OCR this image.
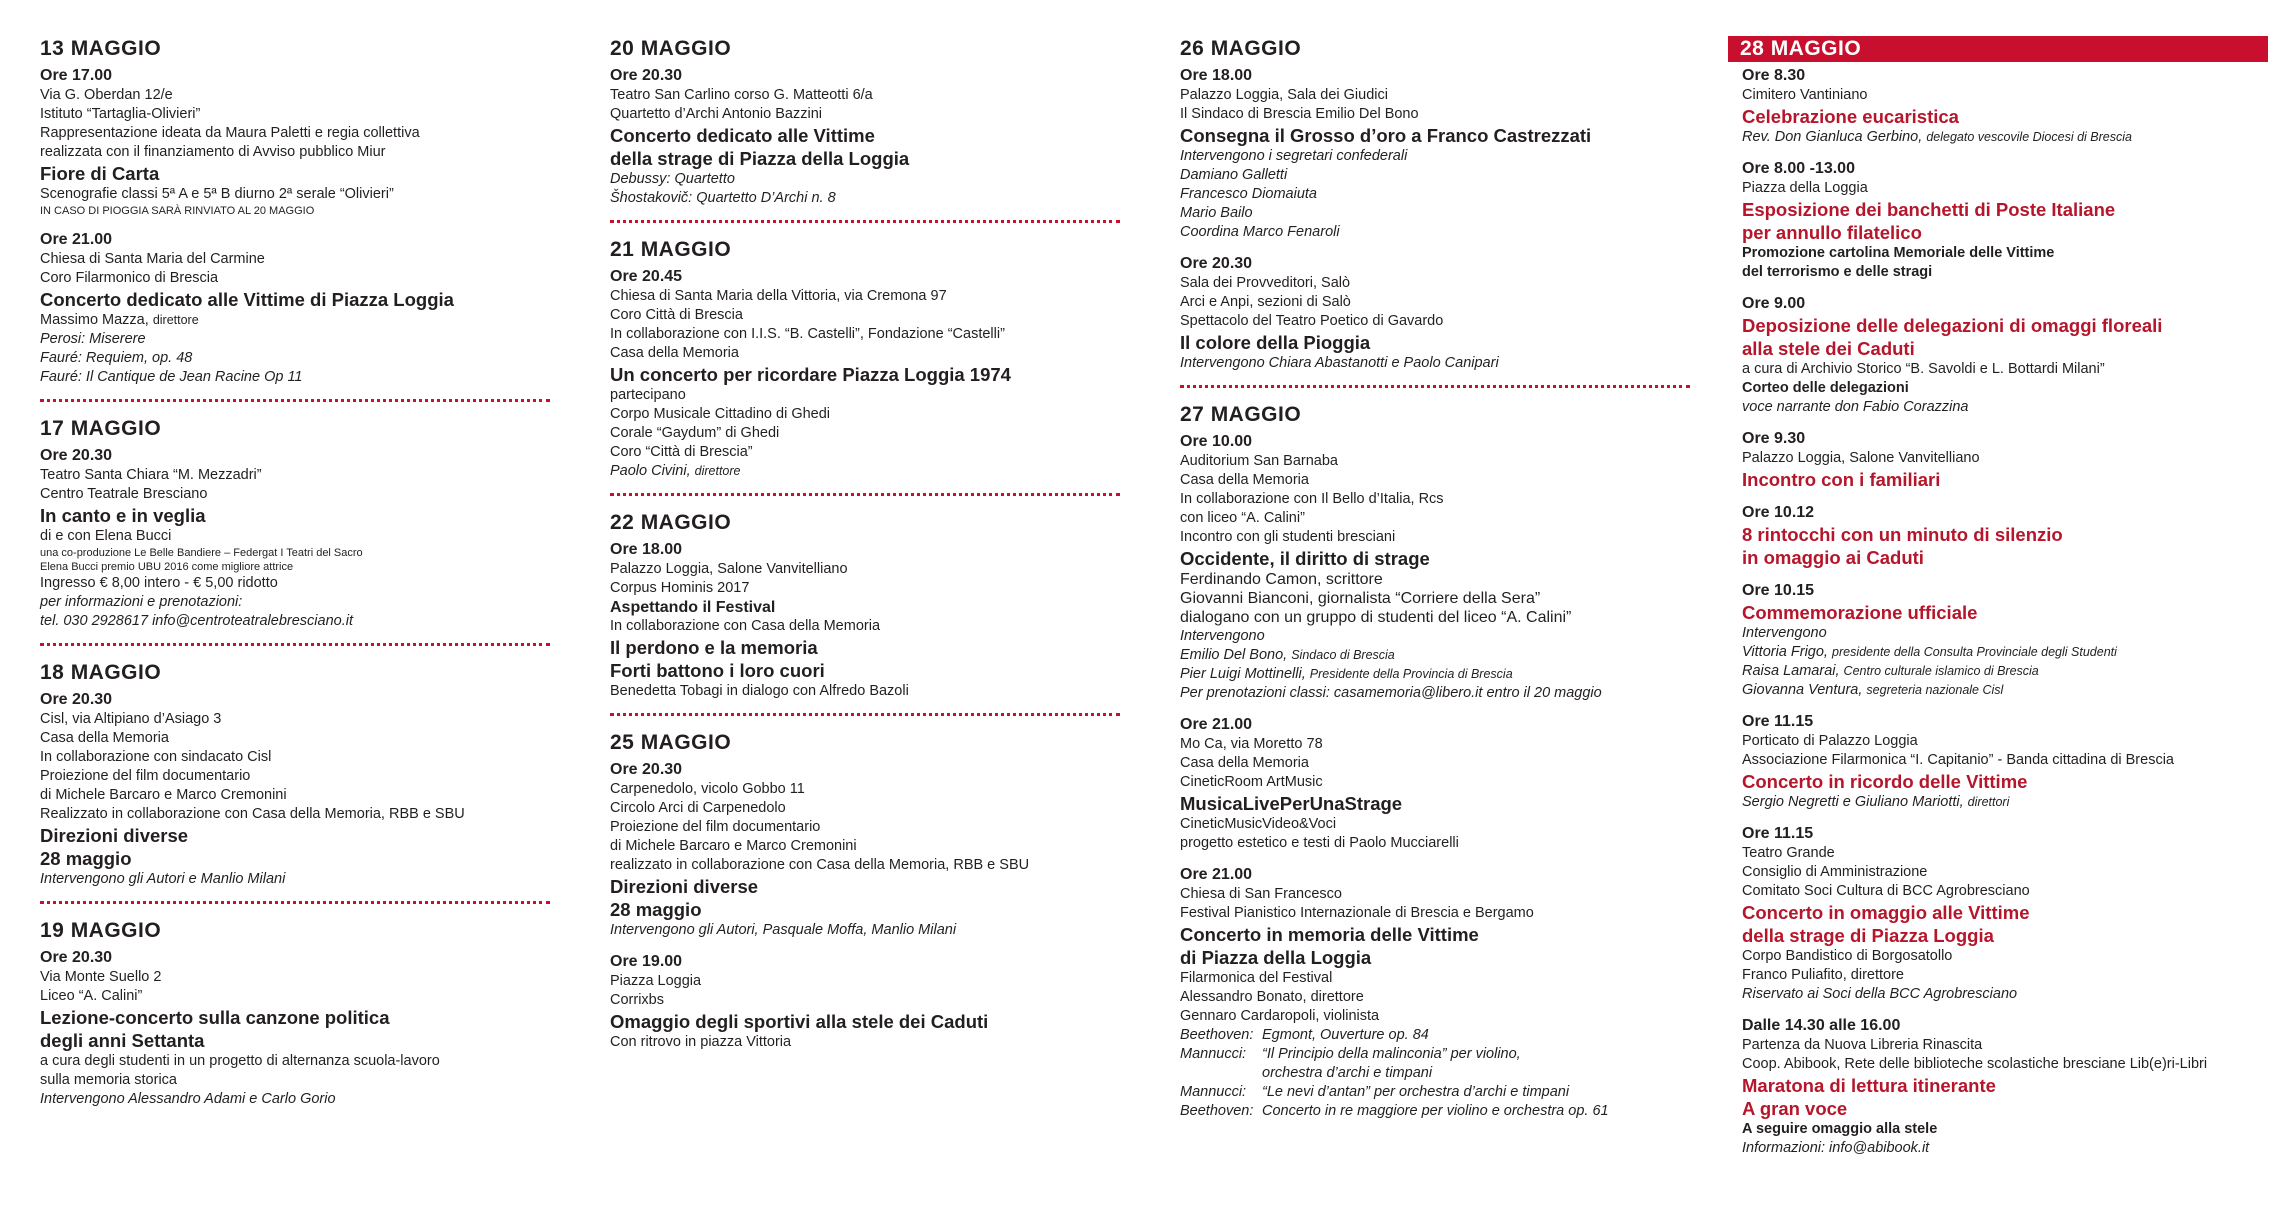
13 MAGGIO
Ore 17.00
Via G. Oberdan 12/e
Istituto “Tartaglia-Olivieri”
Rappresentazione ideata da Maura Paletti e regia collettiva
realizzata con il finanziamento di Avviso pubblico Miur
Fiore di Carta
Scenografie classi 5ª A e 5ª B diurno 2ª serale “Olivieri”
IN CASO DI PIOGGIA SARÀ RINVIATO AL 20 MAGGIO
Ore 21.00
Chiesa di Santa Maria del Carmine
Coro Filarmonico di Brescia
Concerto dedicato alle Vittime di Piazza Loggia
Massimo Mazza, direttore
Perosi: Miserere
Fauré: Requiem, op. 48
Fauré: Il Cantique de Jean Racine Op 11
17 MAGGIO
Ore 20.30
Teatro Santa Chiara “M. Mezzadri”
Centro Teatrale Bresciano
In canto e in veglia
di e con Elena Bucci
una co-produzione Le Belle Bandiere – Federgat I Teatri del Sacro
Elena Bucci premio UBU 2016 come migliore attrice
Ingresso € 8,00 intero - € 5,00 ridotto
per informazioni e prenotazioni:
tel. 030 2928617 info@centroteatralebresciano.it
18 MAGGIO
Ore 20.30
Cisl, via Altipiano d’Asiago 3
Casa della Memoria
In collaborazione con sindacato Cisl
Proiezione del film documentario
di Michele Barcaro e Marco Cremonini
Realizzato in collaborazione con Casa della Memoria, RBB e SBU
Direzioni diverse
28 maggio
Intervengono gli Autori e Manlio Milani
19 MAGGIO
Ore 20.30
Via Monte Suello 2
Liceo “A. Calini”
Lezione-concerto sulla canzone politica
degli anni Settanta
a cura degli studenti in un progetto di alternanza scuola-lavoro
sulla memoria storica
Intervengono Alessandro Adami e Carlo Gorio
20 MAGGIO
Ore 20.30
Teatro San Carlino corso G. Matteotti 6/a
Quartetto d’Archi Antonio Bazzini
Concerto dedicato alle Vittime
della strage di Piazza della Loggia
Debussy: Quartetto
Šhostakovič: Quartetto D’Archi n. 8
21 MAGGIO
Ore 20.45
Chiesa di Santa Maria della Vittoria, via Cremona 97
Coro Città di Brescia
In collaborazione con I.I.S. “B. Castelli”, Fondazione “Castelli”
Casa della Memoria
Un concerto per ricordare Piazza Loggia 1974
partecipano
Corpo Musicale Cittadino di Ghedi
Corale “Gaydum” di Ghedi
Coro “Città di Brescia”
Paolo Civini, direttore
22 MAGGIO
Ore 18.00
Palazzo Loggia, Salone Vanvitelliano
Corpus Hominis 2017
Aspettando il Festival
In collaborazione con Casa della Memoria
Il perdono e la memoria
Forti battono i loro cuori
Benedetta Tobagi in dialogo con Alfredo Bazoli
25 MAGGIO
Ore 20.30
Carpenedolo, vicolo Gobbo 11
Circolo Arci di Carpenedolo
Proiezione del film documentario
di Michele Barcaro e Marco Cremonini
realizzato in collaborazione con Casa della Memoria, RBB e SBU
Direzioni diverse
28 maggio
Intervengono gli Autori, Pasquale Moffa, Manlio Milani
Ore 19.00
Piazza Loggia
Corrixbs
Omaggio degli sportivi alla stele dei Caduti
Con ritrovo in piazza Vittoria
26 MAGGIO
Ore 18.00
Palazzo Loggia, Sala dei Giudici
Il Sindaco di Brescia Emilio Del Bono
Consegna il Grosso d’oro a Franco Castrezzati
Intervengono i segretari confederali
Damiano Galletti
Francesco Diomaiuta
Mario Bailo
Coordina Marco Fenaroli
Ore 20.30
Sala dei Provveditori, Salò
Arci e Anpi, sezioni di Salò
Spettacolo del Teatro Poetico di Gavardo
Il colore della Pioggia
Intervengono Chiara Abastanotti e Paolo Canipari
27 MAGGIO
Ore 10.00
Auditorium San Barnaba
Casa della Memoria
In collaborazione con Il Bello d’Italia, Rcs
con liceo “A. Calini”
Incontro con gli studenti bresciani
Occidente, il diritto di strage
Ferdinando Camon, scrittore
Giovanni Bianconi, giornalista “Corriere della Sera”
dialogano con un gruppo di studenti del liceo “A. Calini”
Intervengono
Emilio Del Bono, Sindaco di Brescia
Pier Luigi Mottinelli, Presidente della Provincia di Brescia
Per prenotazioni classi: casamemoria@libero.it entro il 20 maggio
Ore 21.00
Mo Ca, via Moretto 78
Casa della Memoria
CineticRoom ArtMusic
MusicaLivePerUnaStrage
CineticMusicVideo&Voci
progetto estetico e testi di Paolo Mucciarelli
Ore 21.00
Chiesa di San Francesco
Festival Pianistico Internazionale di Brescia e Bergamo
Concerto in memoria delle Vittime
di Piazza della Loggia
Filarmonica del Festival
Alessandro Bonato, direttore
Gennaro Cardaropoli, violinista
Beethoven: Egmont, Ouverture op. 84
Mannucci:	“Il Principio della malinconia” per violino,
orchestra d’archi e timpani
Mannucci:	“Le nevi d’antan” per orchestra d’archi e timpani
Beethoven: Concerto in re maggiore per violino e orchestra op. 61
28 MAGGIO
Ore 8.30
Cimitero Vantiniano
Celebrazione eucaristica
Rev. Don Gianluca Gerbino, delegato vescovile Diocesi di Brescia
Ore 8.00 -13.00
Piazza della Loggia
Esposizione dei banchetti di Poste Italiane
per annullo filatelico
Promozione cartolina Memoriale delle Vittime
del terrorismo e delle stragi
Ore 9.00
Deposizione delle delegazioni di omaggi floreali
alla stele dei Caduti
a cura di Archivio Storico “B. Savoldi e L. Bottardi Milani”
Corteo delle delegazioni
voce narrante don Fabio Corazzina
Ore 9.30
Palazzo Loggia, Salone Vanvitelliano
Incontro con i familiari
Ore 10.12
8 rintocchi con un minuto di silenzio
in omaggio ai Caduti
Ore 10.15
Commemorazione ufficiale
Intervengono
Vittoria Frigo, presidente della Consulta Provinciale degli Studenti
Raisa Lamarai, Centro culturale islamico di Brescia
Giovanna Ventura, segreteria nazionale Cisl
Ore 11.15
Porticato di Palazzo Loggia
Associazione Filarmonica “I. Capitanio” - Banda cittadina di Brescia
Concerto in ricordo delle Vittime
Sergio Negretti e Giuliano Mariotti, direttori
Ore 11.15
Teatro Grande
Consiglio di Amministrazione
Comitato Soci Cultura di BCC Agrobresciano
Concerto in omaggio alle Vittime
della strage di Piazza Loggia
Corpo Bandistico di Borgosatollo
Franco Puliafito, direttore
Riservato ai Soci della BCC Agrobresciano
Dalle 14.30 alle 16.00
Partenza da Nuova Libreria Rinascita
Coop. Abibook, Rete delle biblioteche scolastiche bresciane Lib(e)ri-Libri
Maratona di lettura itinerante
A gran voce
A seguire omaggio alla stele
Informazioni: info@abibook.it
